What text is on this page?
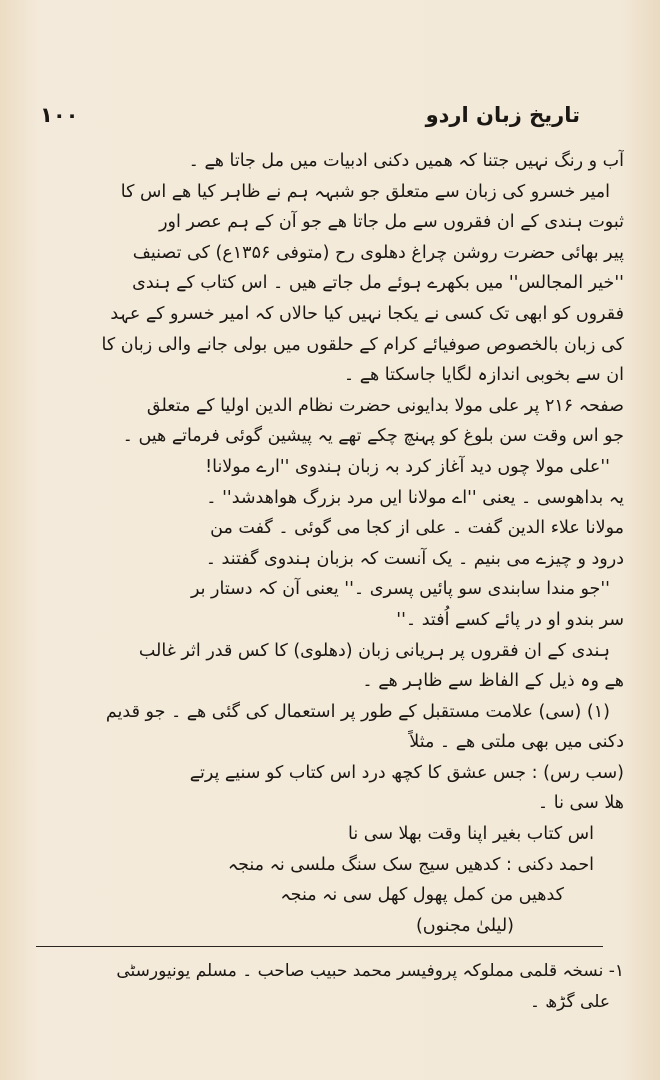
تاریخ زبان اردو
۱۰۰
آب و رنگ نہیں جتنا کہ ھمیں دکنی ادبیات میں مل جاتا ھے ۔
امیر خسرو کی زبان سے متعلق جو شبہہ ہم نے ظاہر کیا ھے اس کا
ثبوت ہندی کے ان فقروں سے مل جاتا ھے جو آن کے ہم عصر اور
پیر بھائی حضرت روشن چراغ دھلوی رح (متوفی ۱۳۵۶ع) کی تصنیف
''خیر المجالس'' میں بکھرے ہوئے مل جاتے ھیں ۔ اس کتاب کے ہندی
فقروں کو ابھی تک کسی نے یکجا نہیں کیا حالاں کہ امیر خسرو کے عہد
کی زبان بالخصوص صوفیائے کرام کے حلقوں میں بولی جانے والی زبان کا
ان سے بخوبی اندازہ لگایا جاسکتا ھے ۔
صفحہ ۲۱۶ پر علی مولا بدایونی حضرت نظام الدین اولیا کے متعلق
جو اس وقت سن بلوغ کو پہنچ چکے تھے یہ پیشین گوئی فرماتے ھیں ۔
''علی مولا چوں دید آغاز کرد بہ زبان ہندوی ''ارے مولانا!
یہ بداھوسی ۔ یعنی ''اے مولانا ایں مرد بزرگ ھواھدشد'' ۔
مولانا علاء الدین گفت ۔ علی از کجا می گوئی ۔ گفت من
درود و چیزے می بنیم ۔ یک آنست کہ بزبان ہندوی گفتند ۔
''جو مندا سابندی سو پائیں پسری ۔'' یعنی آن کہ دستار بر
سر بندو او در پائے کسے اُفتد ۔''
ہندی کے ان فقروں پر ہریانی زبان (دھلوی) کا کس قدر اثر غالب
ھے وہ ذیل کے الفاظ سے ظاہر ھے ۔
(۱) (سی) علامت مستقبل کے طور پر استعمال کی گئی ھے ۔ جو قدیم
دکنی میں بھی ملتی ھے ۔ مثلاً
(سب رس) : جس عشق کا کچھ درد اس کتاب کو سنیے پرتے
ھلا سی نا ۔
اس کتاب بغیر اپنا وقت بھلا سی نا
احمد دکنی : کدھیں سیج سک سنگ ملسی نہ منجہ
کدھیں من کمل پھول کھل سی نہ منجہ
(لیلیٰ مجنوں)
۱- نسخہ قلمی مملوکہ پروفیسر محمد حبیب صاحب ۔ مسلم یونیورسٹی
علی گڑھ ۔
